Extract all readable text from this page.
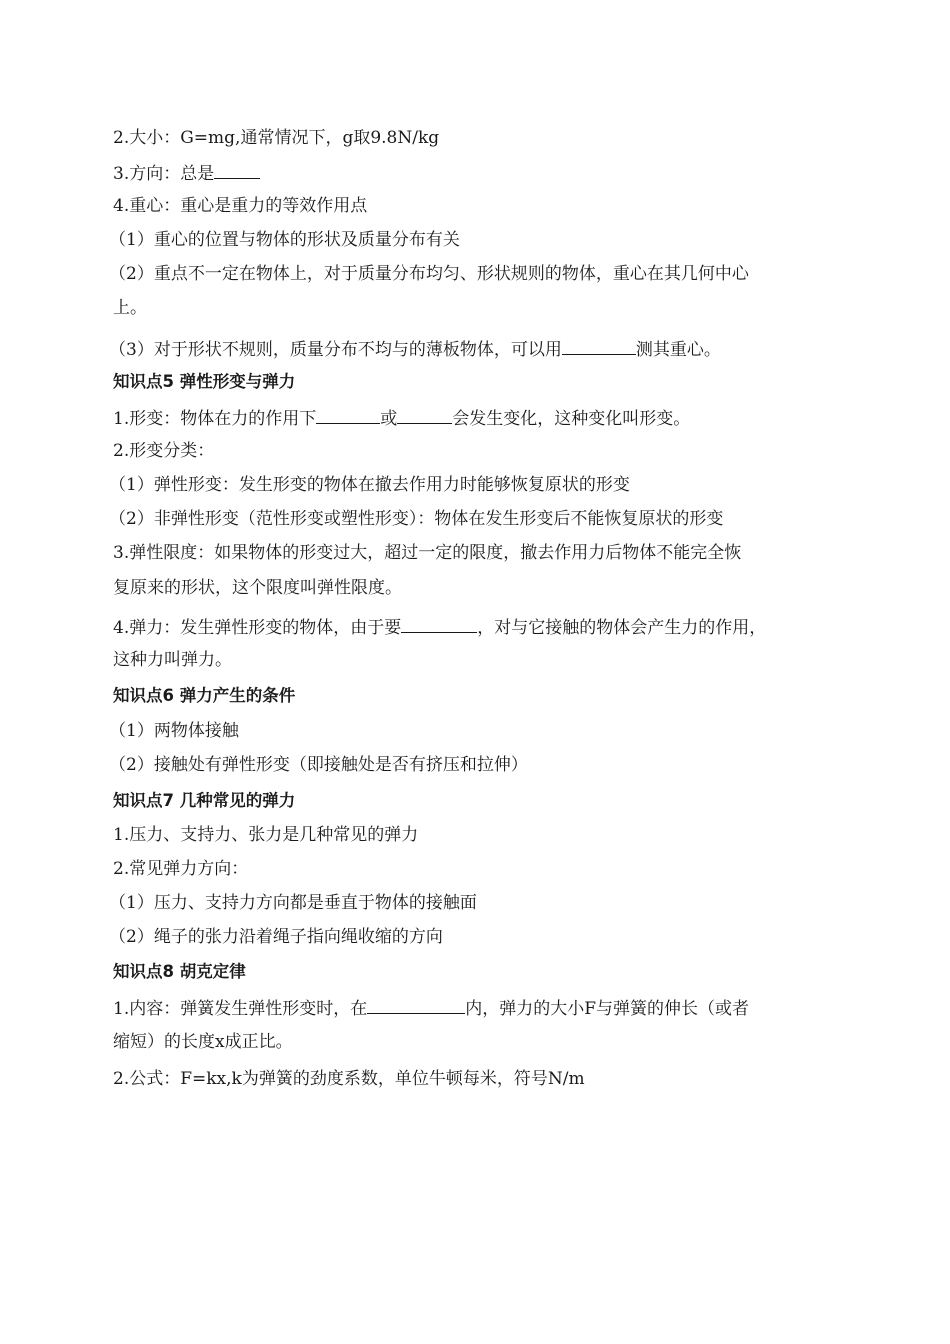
2.大小：G=mg,通常情况下，g取9.8N/kg
3.方向：总是
4.重心：重心是重力的等效作用点
（1）重心的位置与物体的形状及质量分布有关
（2）重点不一定在物体上，对于质量分布均匀、形状规则的物体，重心在其几何中心
上。
（3）对于形状不规则，质量分布不均与的薄板物体，可以用	测其重心。
知识点5 弹性形变与弹力
1.形变：物体在力的作用下	或	会发生变化，这种变化叫形变。
2.形变分类：
（1）弹性形变：发生形变的物体在撤去作用力时能够恢复原状的形变
（2）非弹性形变（范性形变或塑性形变）：物体在发生形变后不能恢复原状的形变
3.弹性限度：如果物体的形变过大，超过一定的限度，撤去作用力后物体不能完全恢
复原来的形状，这个限度叫弹性限度。
4.弹力：发生弹性形变的物体，由于要	，对与它接触的物体会产生力的作用，
这种力叫弹力。
知识点6 弹力产生的条件
（1）两物体接触
（2）接触处有弹性形变（即接触处是否有挤压和拉伸）
知识点7 几种常见的弹力
1.压力、支持力、张力是几种常见的弹力
2.常见弹力方向：
（1）压力、支持力方向都是垂直于物体的接触面
（2）绳子的张力沿着绳子指向绳收缩的方向
知识点8 胡克定律
1.内容：弹簧发生弹性形变时，在	内，弹力的大小F与弹簧的伸长（或者
缩短）的长度x成正比。
2.公式：F=kx,k为弹簧的劲度系数，单位牛顿每米，符号N/m
